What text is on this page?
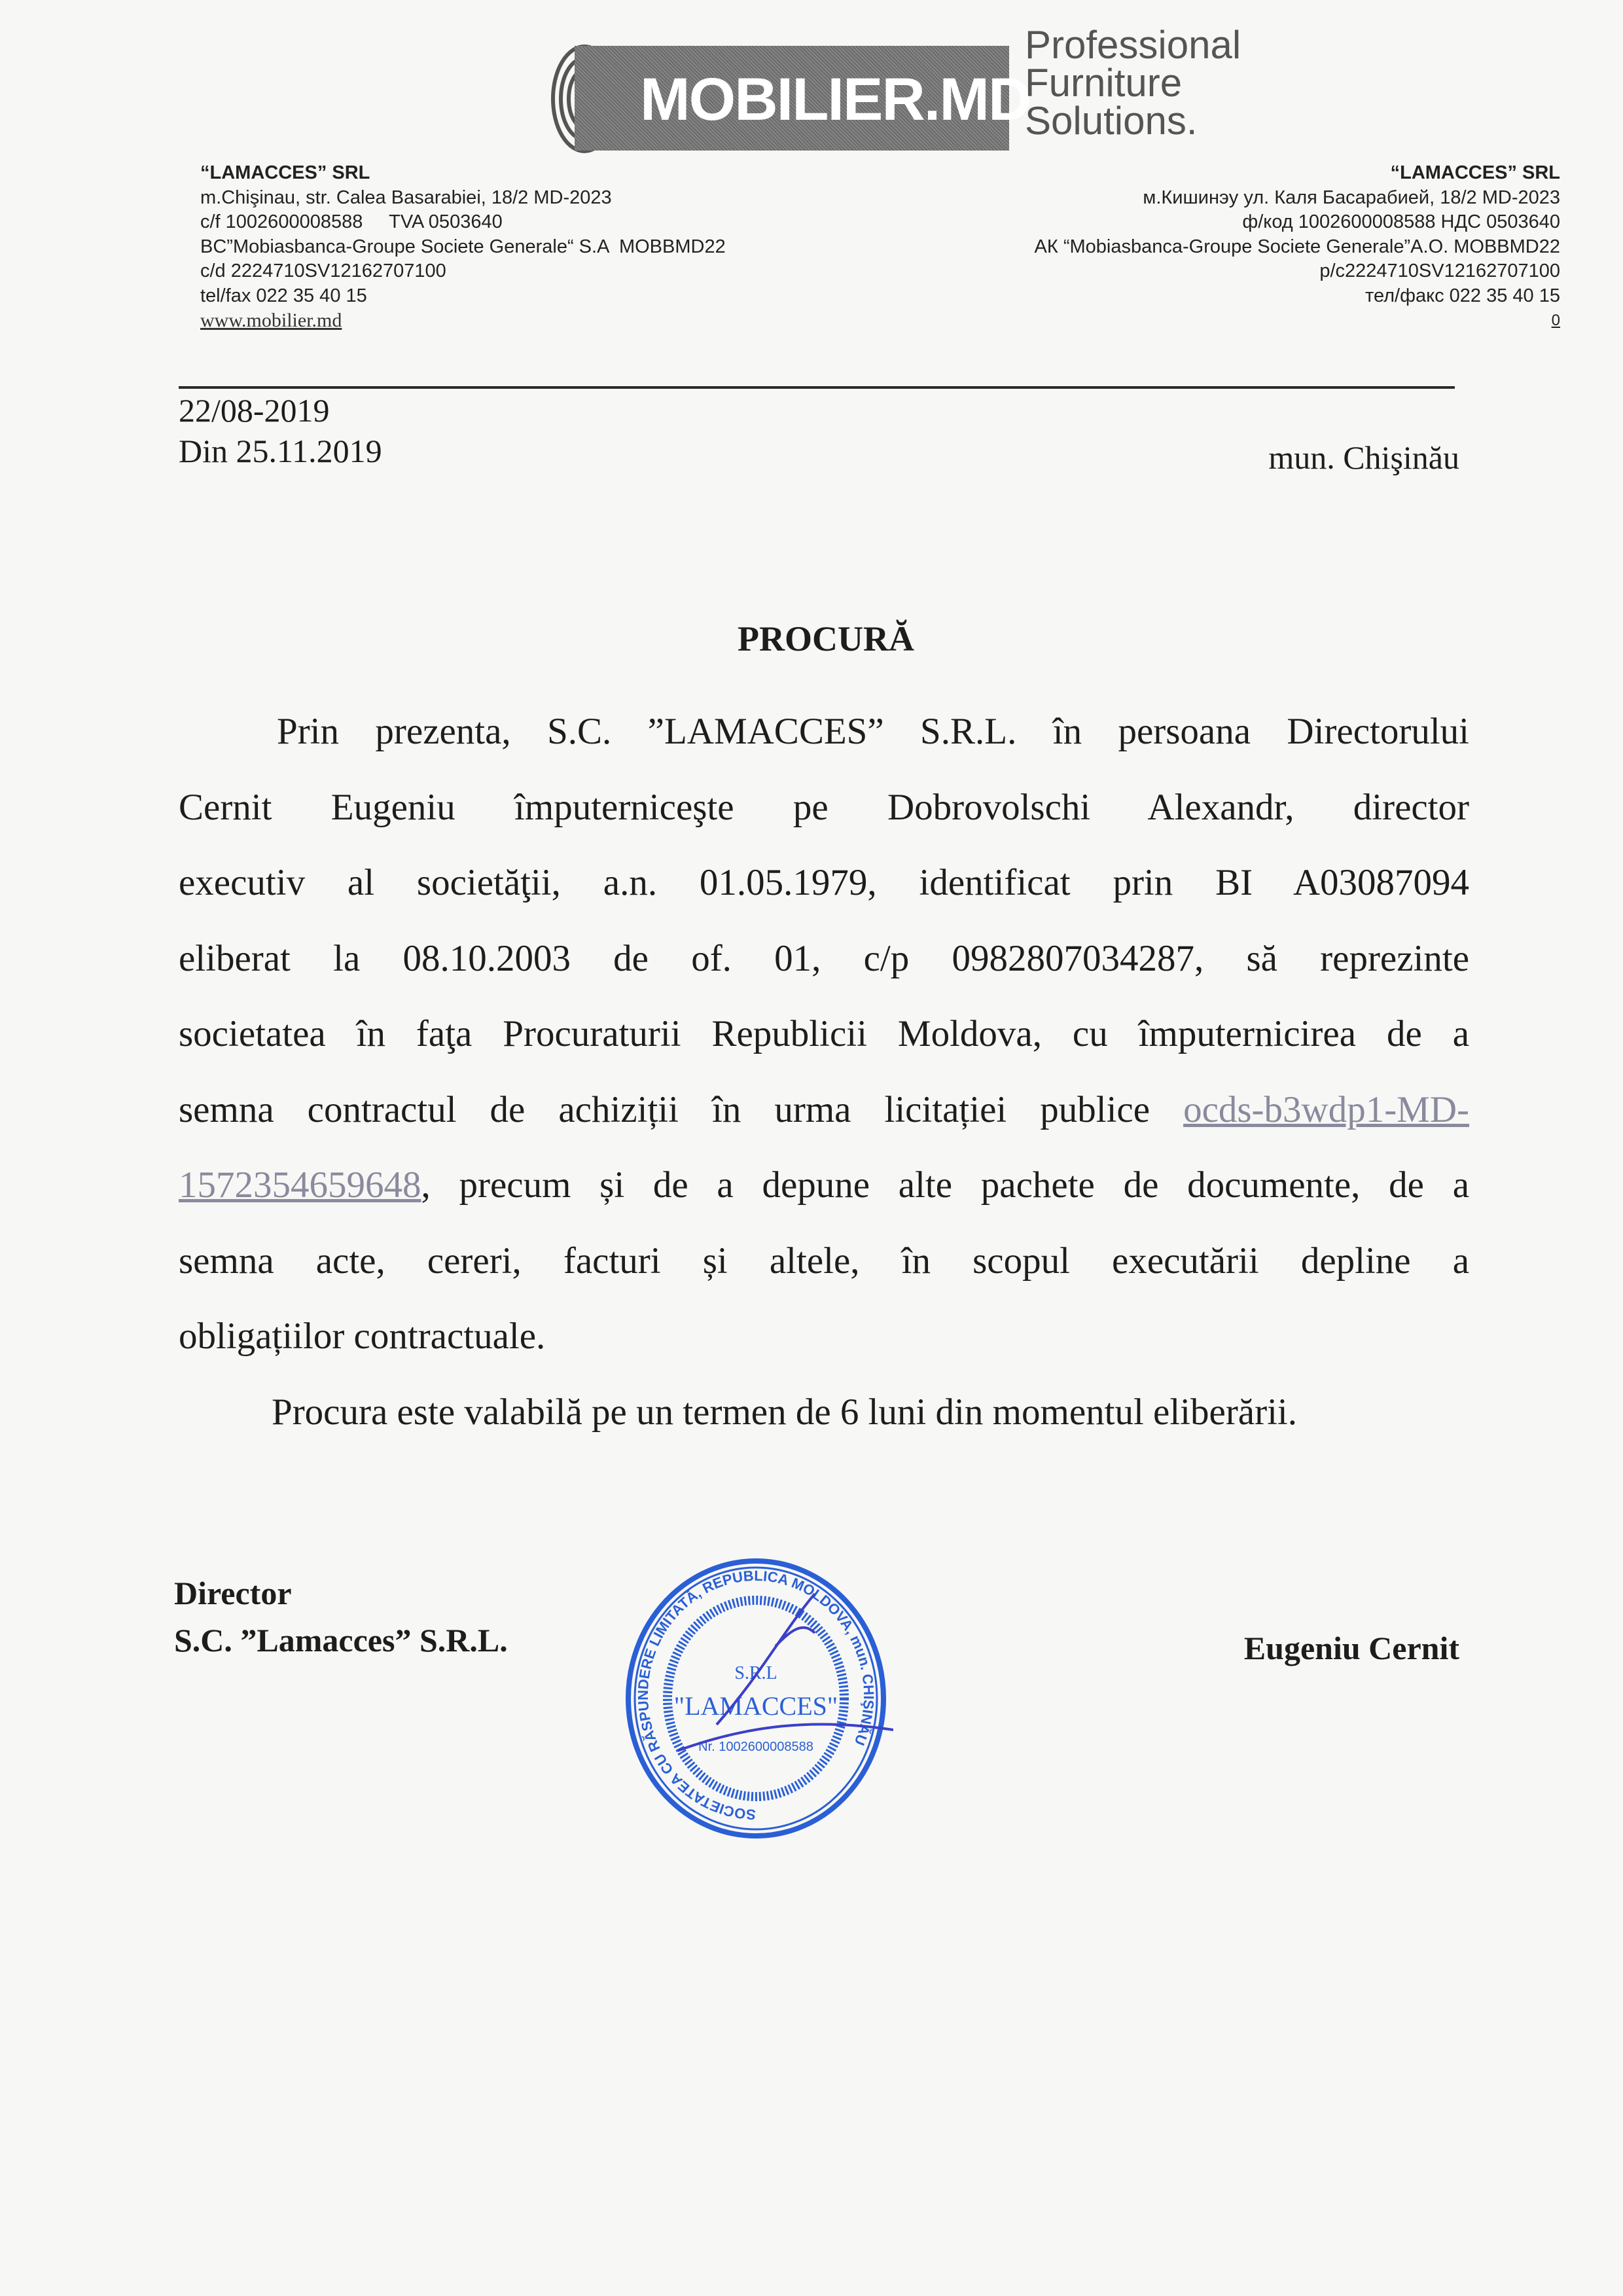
MOBILIER.MD
Professional
Furniture
Solutions.
“LAMACCES” SRL
m.Chişinau, str. Calea Basarabiei, 18/2 MD-2023
c/f 1002600008588     TVA 0503640
BC”Mobiasbanca-Groupe Societe Generale“ S.A  MOBBMD22
c/d 2224710SV12162707100
tel/fax 022 35 40 15
www.mobilier.md
“LAMACCES” SRL
м.Кишинэу ул. Каля Басарабией, 18/2 MD-2023
ф/код 1002600008588 НДС 0503640
АК “Mobiasbanca-Groupe Societe Generale”A.O. MOBBMD22
р/с2224710SV12162707100
тел/факс 022 35 40 15
0
22/08-2019
Din 25.11.2019	mun. Chişinău
PROCURĂ
Prin prezenta, S.C. ”LAMACCES” S.R.L. în persoana Directorului
Cernit Eugeniu împuterniceşte pe Dobrovolschi Alexandr, director
executiv al societăţii, a.n. 01.05.1979, identificat prin BI A03087094
eliberat la 08.10.2003 de of. 01, c/p 0982807034287, să reprezinte
societatea în faţa Procuraturii Republicii Moldova, cu împuternicirea de a
semna contractul de achiziții în urma licitației publice ocds-b3wdp1-MD-
1572354659648, precum și de a depune alte pachete de documente, de a
semna acte, cereri, facturi și altele, în scopul executării depline a
obligațiilor contractuale.
Procura este valabilă pe un termen de 6 luni din momentul eliberării.
Director
S.C. ”Lamacces” S.R.L.	Eugeniu Cernit
SOCIETATEA CU RĂSPUNDERE LIMITATĂ, REPUBLICA MOLDOVA, mun. CHIŞINĂU
S.R.L
"LAMACCES"
Nr. 1002600008588
